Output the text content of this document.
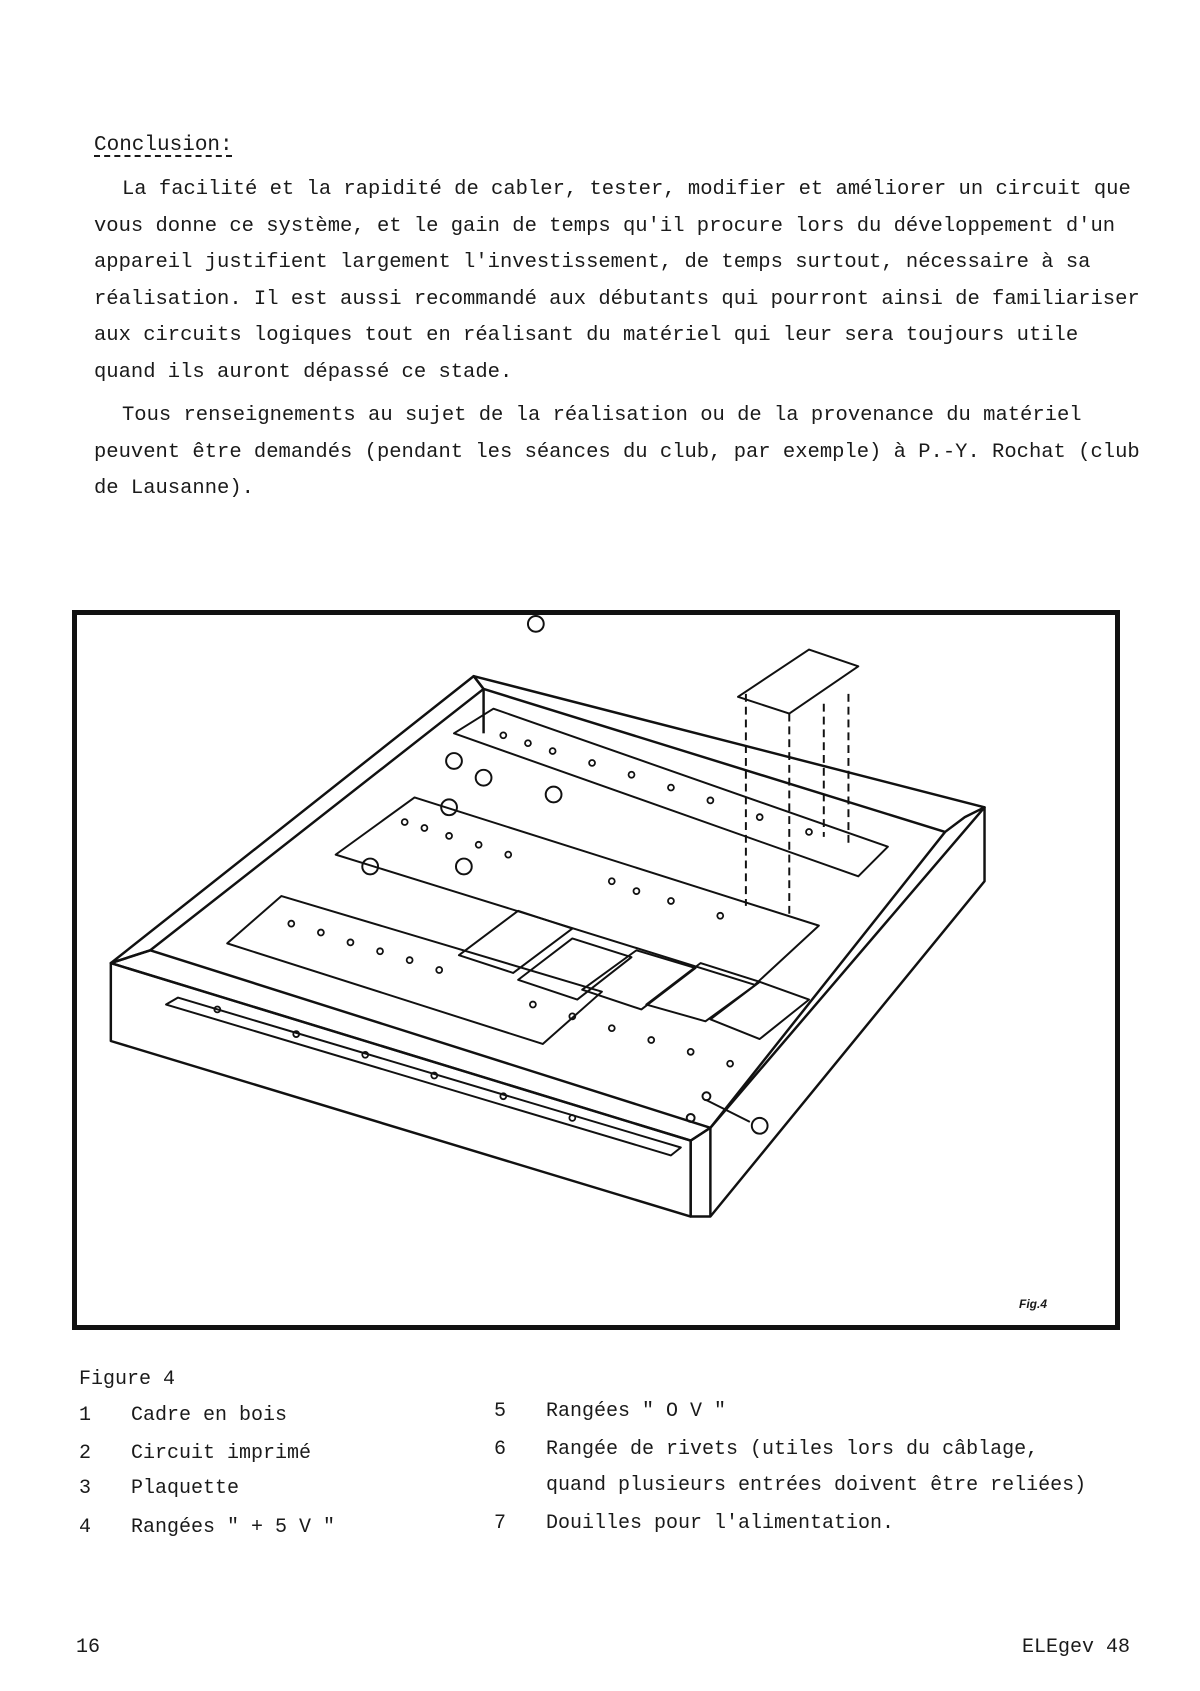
Conclusion:
La facilité et la rapidité de cabler, tester, modifier et améliorer un circuit que vous donne ce système, et le gain de temps qu'il procure lors du développement d'un appareil justifient largement l'investissement, de temps surtout, nécessaire à sa réalisation. Il est aussi recommandé aux débutants qui pourront ainsi de familiariser aux circuits logiques tout en réalisant du matériel qui leur sera toujours utile quand ils auront dépassé ce stade.
Tous renseignements au sujet de la réalisation ou de la provenance du matériel peuvent être demandés (pendant les séances du club, par exemple) à P.-Y. Rochat (club de Lausanne).
Fig.4
Figure 4
1 Cadre en bois
2 Circuit imprimé
3 Plaquette
4 Rangées " + 5 V "
5 Rangées " O V "
6 Rangée de rivets (utiles lors du câblage, quand plusieurs entrées doivent être reliées)
7 Douilles pour l'alimentation.
16	ELEgev 48
